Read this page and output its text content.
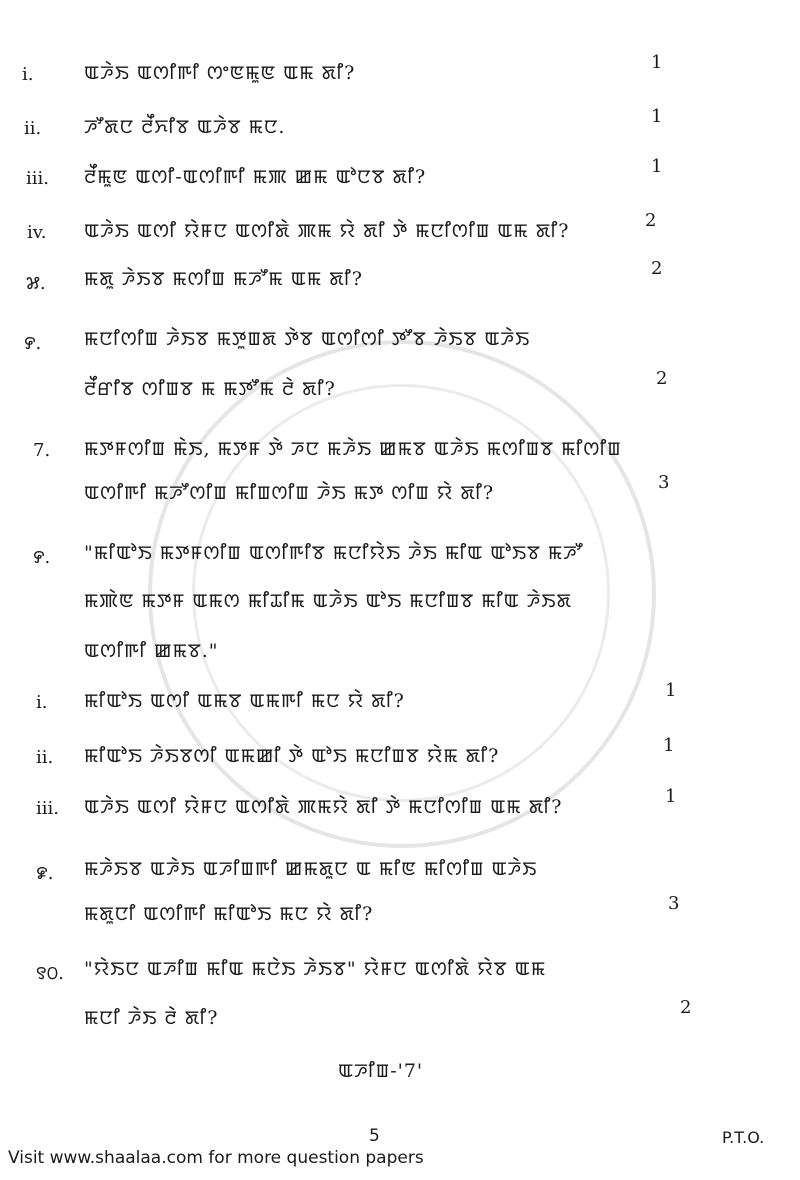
i.	ꯑꯍꯥꯏ ꯑꯁꯤꯒꯤ ꯁꯦꯟꯃꯨꯟ ꯑꯃ ꯗꯤ?	1
ii. ꯍꯧꯗꯅ ꯂꯩꯈꯤꯕ ꯑꯍꯥꯕ ꯃꯅ.	1
iii. ꯂꯩꯃꯨꯟ ꯑꯁꯤ-ꯑꯁꯤꯒꯤ ꯃꯄ ꯀꯃ ꯑꯣꯅꯕ ꯗꯤ?	1
iv. ꯑꯍꯥꯏ ꯑꯁꯤ ꯌꯥꯝꯅ ꯑꯁꯤꯗꯥ ꯄꯃ ꯌꯥ ꯗꯤ ꯇꯥ ꯃꯅꯤꯁꯤꯡ ꯑꯃ ꯗꯤ?	2
꯷. ꯃꯗꯨ ꯍꯥꯏꯕ ꯃꯁꯤꯡ ꯃꯍꯧꯃ ꯑꯃ ꯗꯤ?	2
꯸. ꯃꯅꯤꯁꯤꯡ ꯍꯥꯏꯕ ꯃꯇꯨꯡꯗ ꯇꯥꯕ ꯑꯁꯤꯁꯤ ꯇꯧꯕ ꯍꯥꯏꯕ ꯑꯍꯥꯏ
ꯂꯩꯔꯤꯕ ꯁꯤꯡꯕ ꯃ ꯃꯇꯧꯃ ꯂꯥ ꯗꯤ?	2
7. ꯃꯇꯝꯁꯤꯡ ꯃꯥꯏ, ꯃꯇꯝ ꯇꯥ ꯍꯅ ꯃꯍꯥꯏ ꯀꯃꯕ ꯑꯍꯥꯏ ꯃꯁꯤꯡꯕ ꯃꯤꯁꯤꯡ
ꯑꯁꯤꯒꯤ ꯃꯍꯧꯁꯤꯡ ꯃꯤꯡꯁꯤꯡ ꯍꯥꯏ ꯃꯇ ꯁꯤꯡ ꯌꯥ ꯗꯤ?	3
꯸. "ꯃꯤꯑꯣꯏ ꯃꯇꯝꯁꯤꯡ ꯑꯁꯤꯒꯤꯕ ꯃꯅꯤꯌꯥꯏ ꯍꯥꯏ ꯃꯤꯑ ꯑꯣꯏꯕ ꯃꯍꯧ
ꯃꯄꯥꯟ ꯃꯇꯝ ꯑꯃꯁ ꯃꯤꯊꯤꯃ ꯑꯍꯥꯏ ꯑꯣꯏ ꯃꯅꯤꯡꯕ ꯃꯤꯑ ꯍꯥꯏꯗ
ꯑꯁꯤꯒꯤ ꯀꯃꯕ."
i. ꯃꯤꯑꯣꯏ ꯑꯁꯤ ꯑꯃꯕ ꯑꯃꯒꯤ ꯃꯅ ꯌꯥ ꯗꯤ?	1
ii. ꯃꯤꯑꯣꯏ ꯍꯥꯏꯕꯁꯤ ꯑꯃꯀꯤ ꯇꯥ ꯑꯣꯏ ꯃꯅꯤꯡꯕ ꯌꯥꯃ ꯗꯤ?	1
iii. ꯑꯍꯥꯏ ꯑꯁꯤ ꯌꯥꯝꯅ ꯑꯁꯤꯗꯥ ꯄꯃꯌꯥ ꯗꯤ ꯇꯥ ꯃꯅꯤꯁꯤꯡ ꯑꯃ ꯗꯤ?	1
꯹. ꯃꯍꯥꯏꯕ ꯑꯍꯥꯏ ꯑꯍꯤꯡꯒꯤ ꯀꯃꯗꯨꯅ ꯑ ꯃꯤꯟ ꯃꯤꯁꯤꯡ ꯑꯍꯥꯏ
ꯃꯗꯨꯅꯤ ꯑꯁꯤꯒꯤ ꯃꯤꯑꯣꯏ ꯃꯅ ꯌꯥ ꯗꯤ?	3
꯱꯰. "ꯌꯥꯏꯅ ꯑꯍꯤꯡ ꯃꯤꯑ ꯃꯅꯥꯏ ꯍꯥꯏꯕ" ꯌꯥꯝꯅ ꯑꯁꯤꯗꯥ ꯌꯥꯕ ꯑꯃ
ꯃꯅꯤ ꯍꯥꯏ ꯂꯥ ꯗꯤ?	2
ꯑꯍꯤꯡ-'7'
5	P.T.O.
Visit www.shaalaa.com for more question papers
